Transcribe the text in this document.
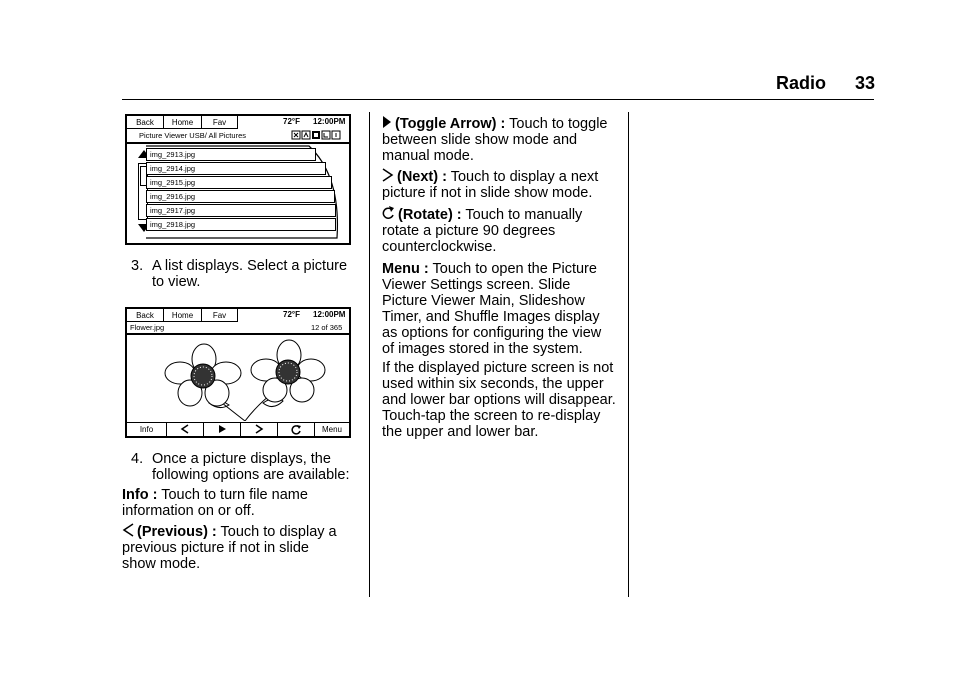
Radio 33
Back	Home	Fav	72°F 12:00PM
Picture Viewer USB/ All Pictures
img_2913.jpg
img_2914.jpg
img_2915.jpg
img_2916.jpg
img_2917.jpg
img_2918.jpg
3. A list displays. Select a picture
to view.
Back	Home	Fav	72°F 12:00PM
Flower.jpg	12 of 365
Info	Menu
4. Once a picture displays, the
following options are available:
Info : Touch to turn file name
information on or off.
(Previous) : Touch to display a
previous picture if not in slide
show mode.
(Toggle Arrow) : Touch to toggle
between slide show mode and
manual mode.
(Next) : Touch to display a next
picture if not in slide show mode.
(Rotate) : Touch to manually
rotate a picture 90 degrees
counterclockwise.
Menu : Touch to open the Picture
Viewer Settings screen. Slide
Picture Viewer Main, Slideshow
Timer, and Shuffle Images display
as options for configuring the view
of images stored in the system.
If the displayed picture screen is not
used within six seconds, the upper
and lower bar options will disappear.
Touch-tap the screen to re-display
the upper and lower bar.
